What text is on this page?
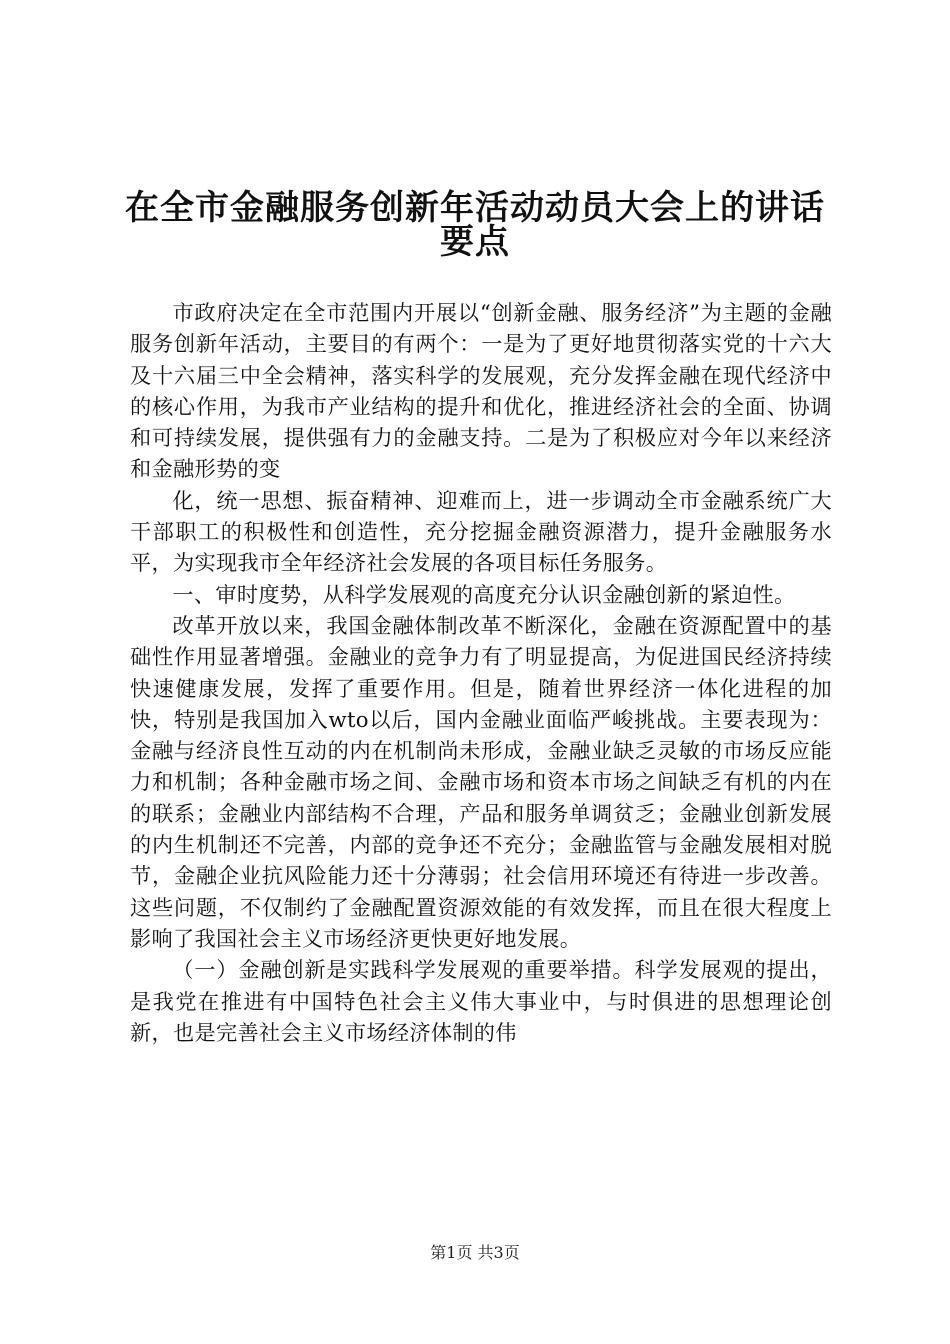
在全市金融服务创新年活动动员大会上的讲话
要点

市政府决定在全市范围内开展以“创新金融、服务经济”为主题的金融服务创新年活动，主要目的有两个：一是为了更好地贯彻落实党的十六大及十六届三中全会精神，落实科学的发展观，充分发挥金融在现代经济中的核心作用，为我市产业结构的提升和优化，推进经济社会的全面、协调和可持续发展，提供强有力的金融支持。二是为了积极应对今年以来经济和金融形势的变

化，统一思想、振奋精神、迎难而上，进一步调动全市金融系统广大干部职工的积极性和创造性，充分挖掘金融资源潜力，提升金融服务水平，为实现我市全年经济社会发展的各项目标任务服务。

一、审时度势，从科学发展观的高度充分认识金融创新的紧迫性。

改革开放以来，我国金融体制改革不断深化，金融在资源配置中的基础性作用显著增强。金融业的竞争力有了明显提高，为促进国民经济持续快速健康发展，发挥了重要作用。但是，随着世界经济一体化进程的加快，特别是我国加入wto以后，国内金融业面临严峻挑战。主要表现为：金融与经济良性互动的内在机制尚未形成，金融业缺乏灵敏的市场反应能力和机制；各种金融市场之间、金融市场和资本市场之间缺乏有机的内在的联系；金融业内部结构不合理，产品和服务单调贫乏；金融业创新发展的内生机制还不完善，内部的竞争还不充分；金融监管与金融发展相对脱节，金融企业抗风险能力还十分薄弱；社会信用环境还有待进一步改善。这些问题，不仅制约了金融配置资源效能的有效发挥，而且在很大程度上影响了我国社会主义市场经济更快更好地发展。

（一）金融创新是实践科学发展观的重要举措。科学发展观的提出，是我党在推进有中国特色社会主义伟大事业中，与时俱进的思想理论创新，也是完善社会主义市场经济体制的伟

第1页 共3页
